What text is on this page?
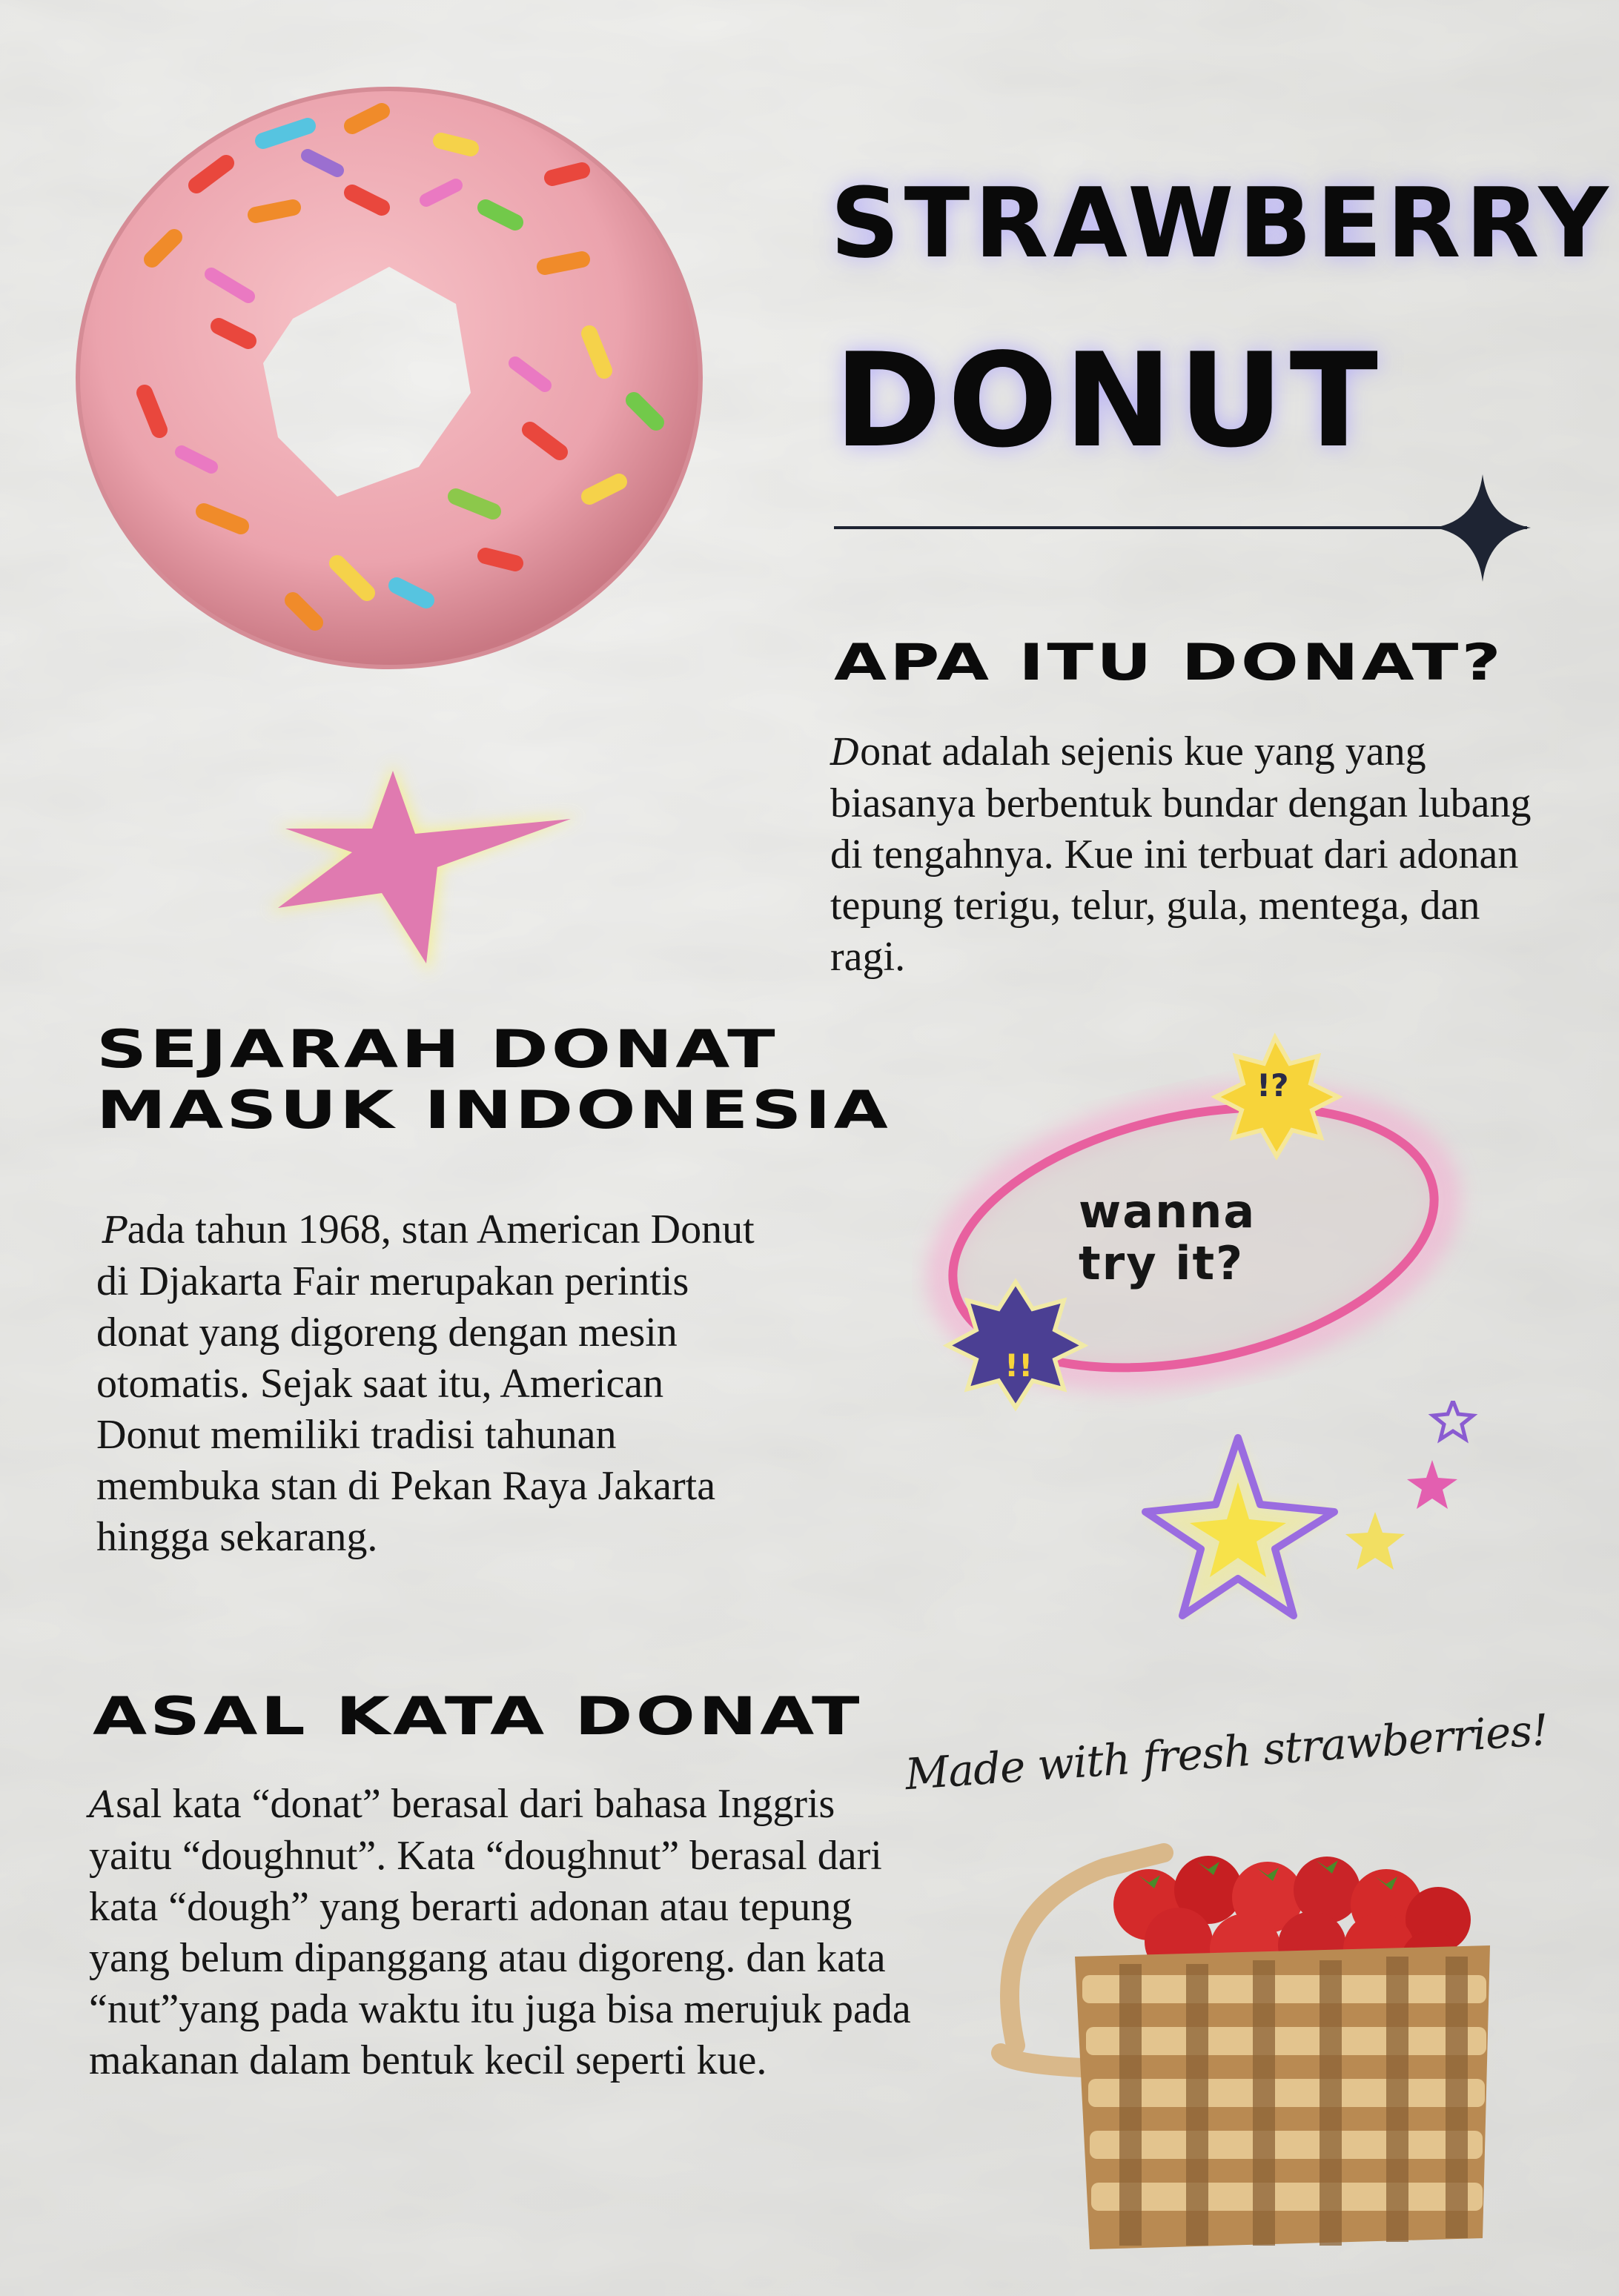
STRAWBERRY
DONUT
APA ITU DONAT?
Donat adalah sejenis kue yang yang biasanya berbentuk bundar dengan lubang di tengahnya. Kue ini terbuat dari adonan tepung terigu, telur, gula, mentega, dan ragi.
SEJARAH DONAT
MASUK INDONESIA
Pada tahun 1968, stan American Donut di Djakarta Fair merupakan perintis donat yang digoreng dengan mesin otomatis. Sejak saat itu, American Donut memiliki tradisi tahunan membuka stan di Pekan Raya Jakarta hingga sekarang.
!?
!!
wanna
try it?
ASAL KATA DONAT
Asal kata “donat” berasal dari bahasa Inggris yaitu “doughnut”. Kata “doughnut” berasal dari kata “dough” yang berarti adonan atau tepung yang belum dipanggang atau digoreng. dan kata “nut”yang pada waktu itu juga bisa merujuk pada makanan dalam bentuk kecil seperti kue.
Made with fresh strawberries!
